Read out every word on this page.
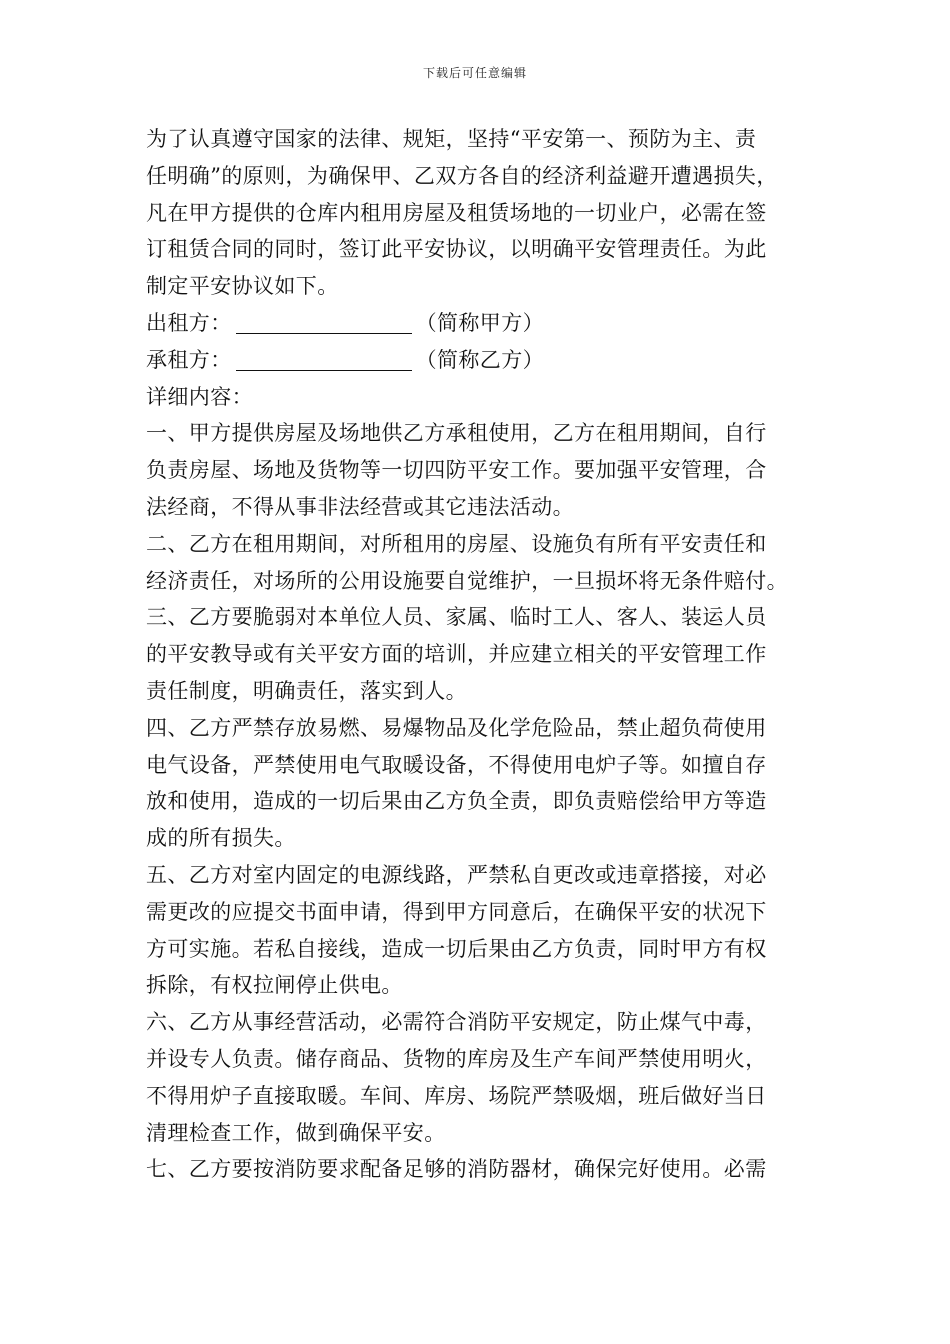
下载后可任意编辑
为了认真遵守国家的法律、规矩，坚持“平安第一、预防为主、责
任明确”的原则，为确保甲、乙双方各自的经济利益避开遭遇损失，
凡在甲方提供的仓库内租用房屋及租赁场地的一切业户，必需在签
订租赁合同的同时，签订此平安协议，以明确平安管理责任。为此
制定平安协议如下。
出租方：	（简称甲方）
承租方：	（简称乙方）
详细内容：
一、甲方提供房屋及场地供乙方承租使用，乙方在租用期间，自行
负责房屋、场地及货物等一切四防平安工作。要加强平安管理，合
法经商，不得从事非法经营或其它违法活动。
二、乙方在租用期间，对所租用的房屋、设施负有所有平安责任和
经济责任，对场所的公用设施要自觉维护，一旦损坏将无条件赔付。
三、乙方要脆弱对本单位人员、家属、临时工人、客人、装运人员
的平安教导或有关平安方面的培训，并应建立相关的平安管理工作
责任制度，明确责任，落实到人。
四、乙方严禁存放易燃、易爆物品及化学危险品，禁止超负荷使用
电气设备，严禁使用电气取暖设备，不得使用电炉子等。如擅自存
放和使用，造成的一切后果由乙方负全责，即负责赔偿给甲方等造
成的所有损失。
五、乙方对室内固定的电源线路，严禁私自更改或违章搭接，对必
需更改的应提交书面申请，得到甲方同意后，在确保平安的状况下
方可实施。若私自接线，造成一切后果由乙方负责，同时甲方有权
拆除，有权拉闸停止供电。
六、乙方从事经营活动，必需符合消防平安规定，防止煤气中毒，
并设专人负责。储存商品、货物的库房及生产车间严禁使用明火，
不得用炉子直接取暖。车间、库房、场院严禁吸烟，班后做好当日
清理检查工作，做到确保平安。
七、乙方要按消防要求配备足够的消防器材，确保完好使用。必需
